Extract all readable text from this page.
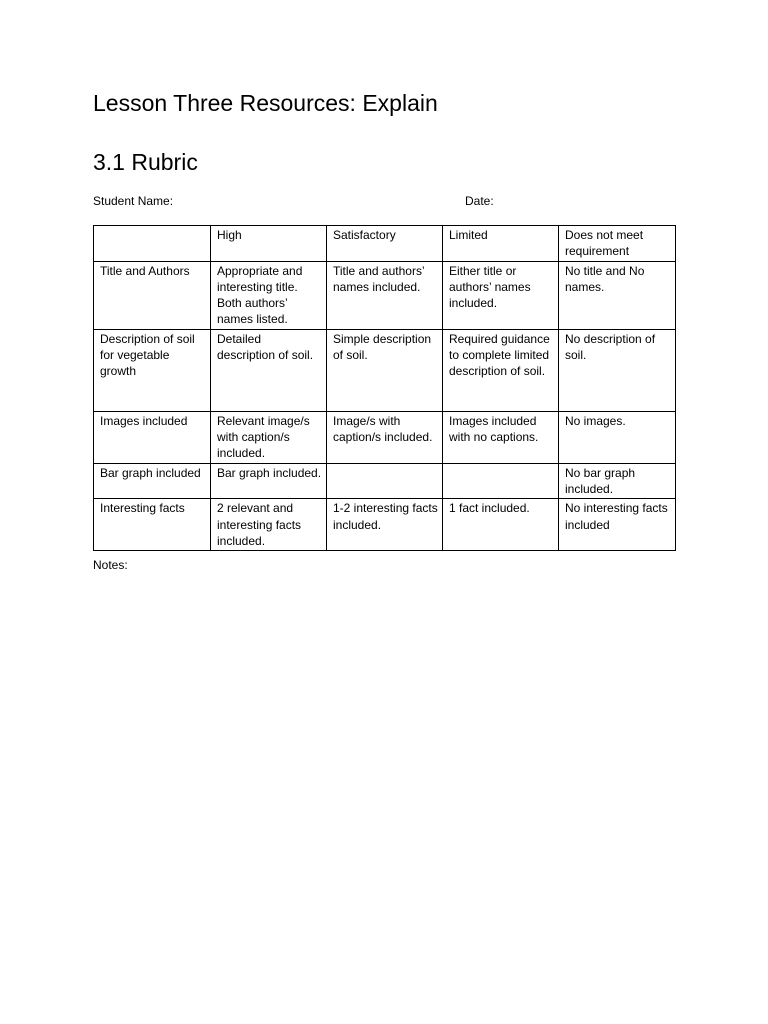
Lesson Three Resources: Explain
3.1 Rubric
Student Name:	Date:
	High	Satisfactory	Limited	Does not meet requirement
Title and Authors	Appropriate and interesting title. Both authors’ names listed.	Title and authors’ names included.	Either title or authors’ names included.	No title and No names.
Description of soil for vegetable growth	Detailed description of soil.	Simple description of soil.	Required guidance to complete limited description of soil.	No description of soil.
Images included	Relevant image/s with caption/s included.	Image/s with caption/s included.	Images included with no captions.	No images.
Bar graph included	Bar graph included.			No bar graph included.
Interesting facts	2 relevant and interesting facts included.	1-2 interesting facts included.	1 fact included.	No interesting facts included
Notes:
